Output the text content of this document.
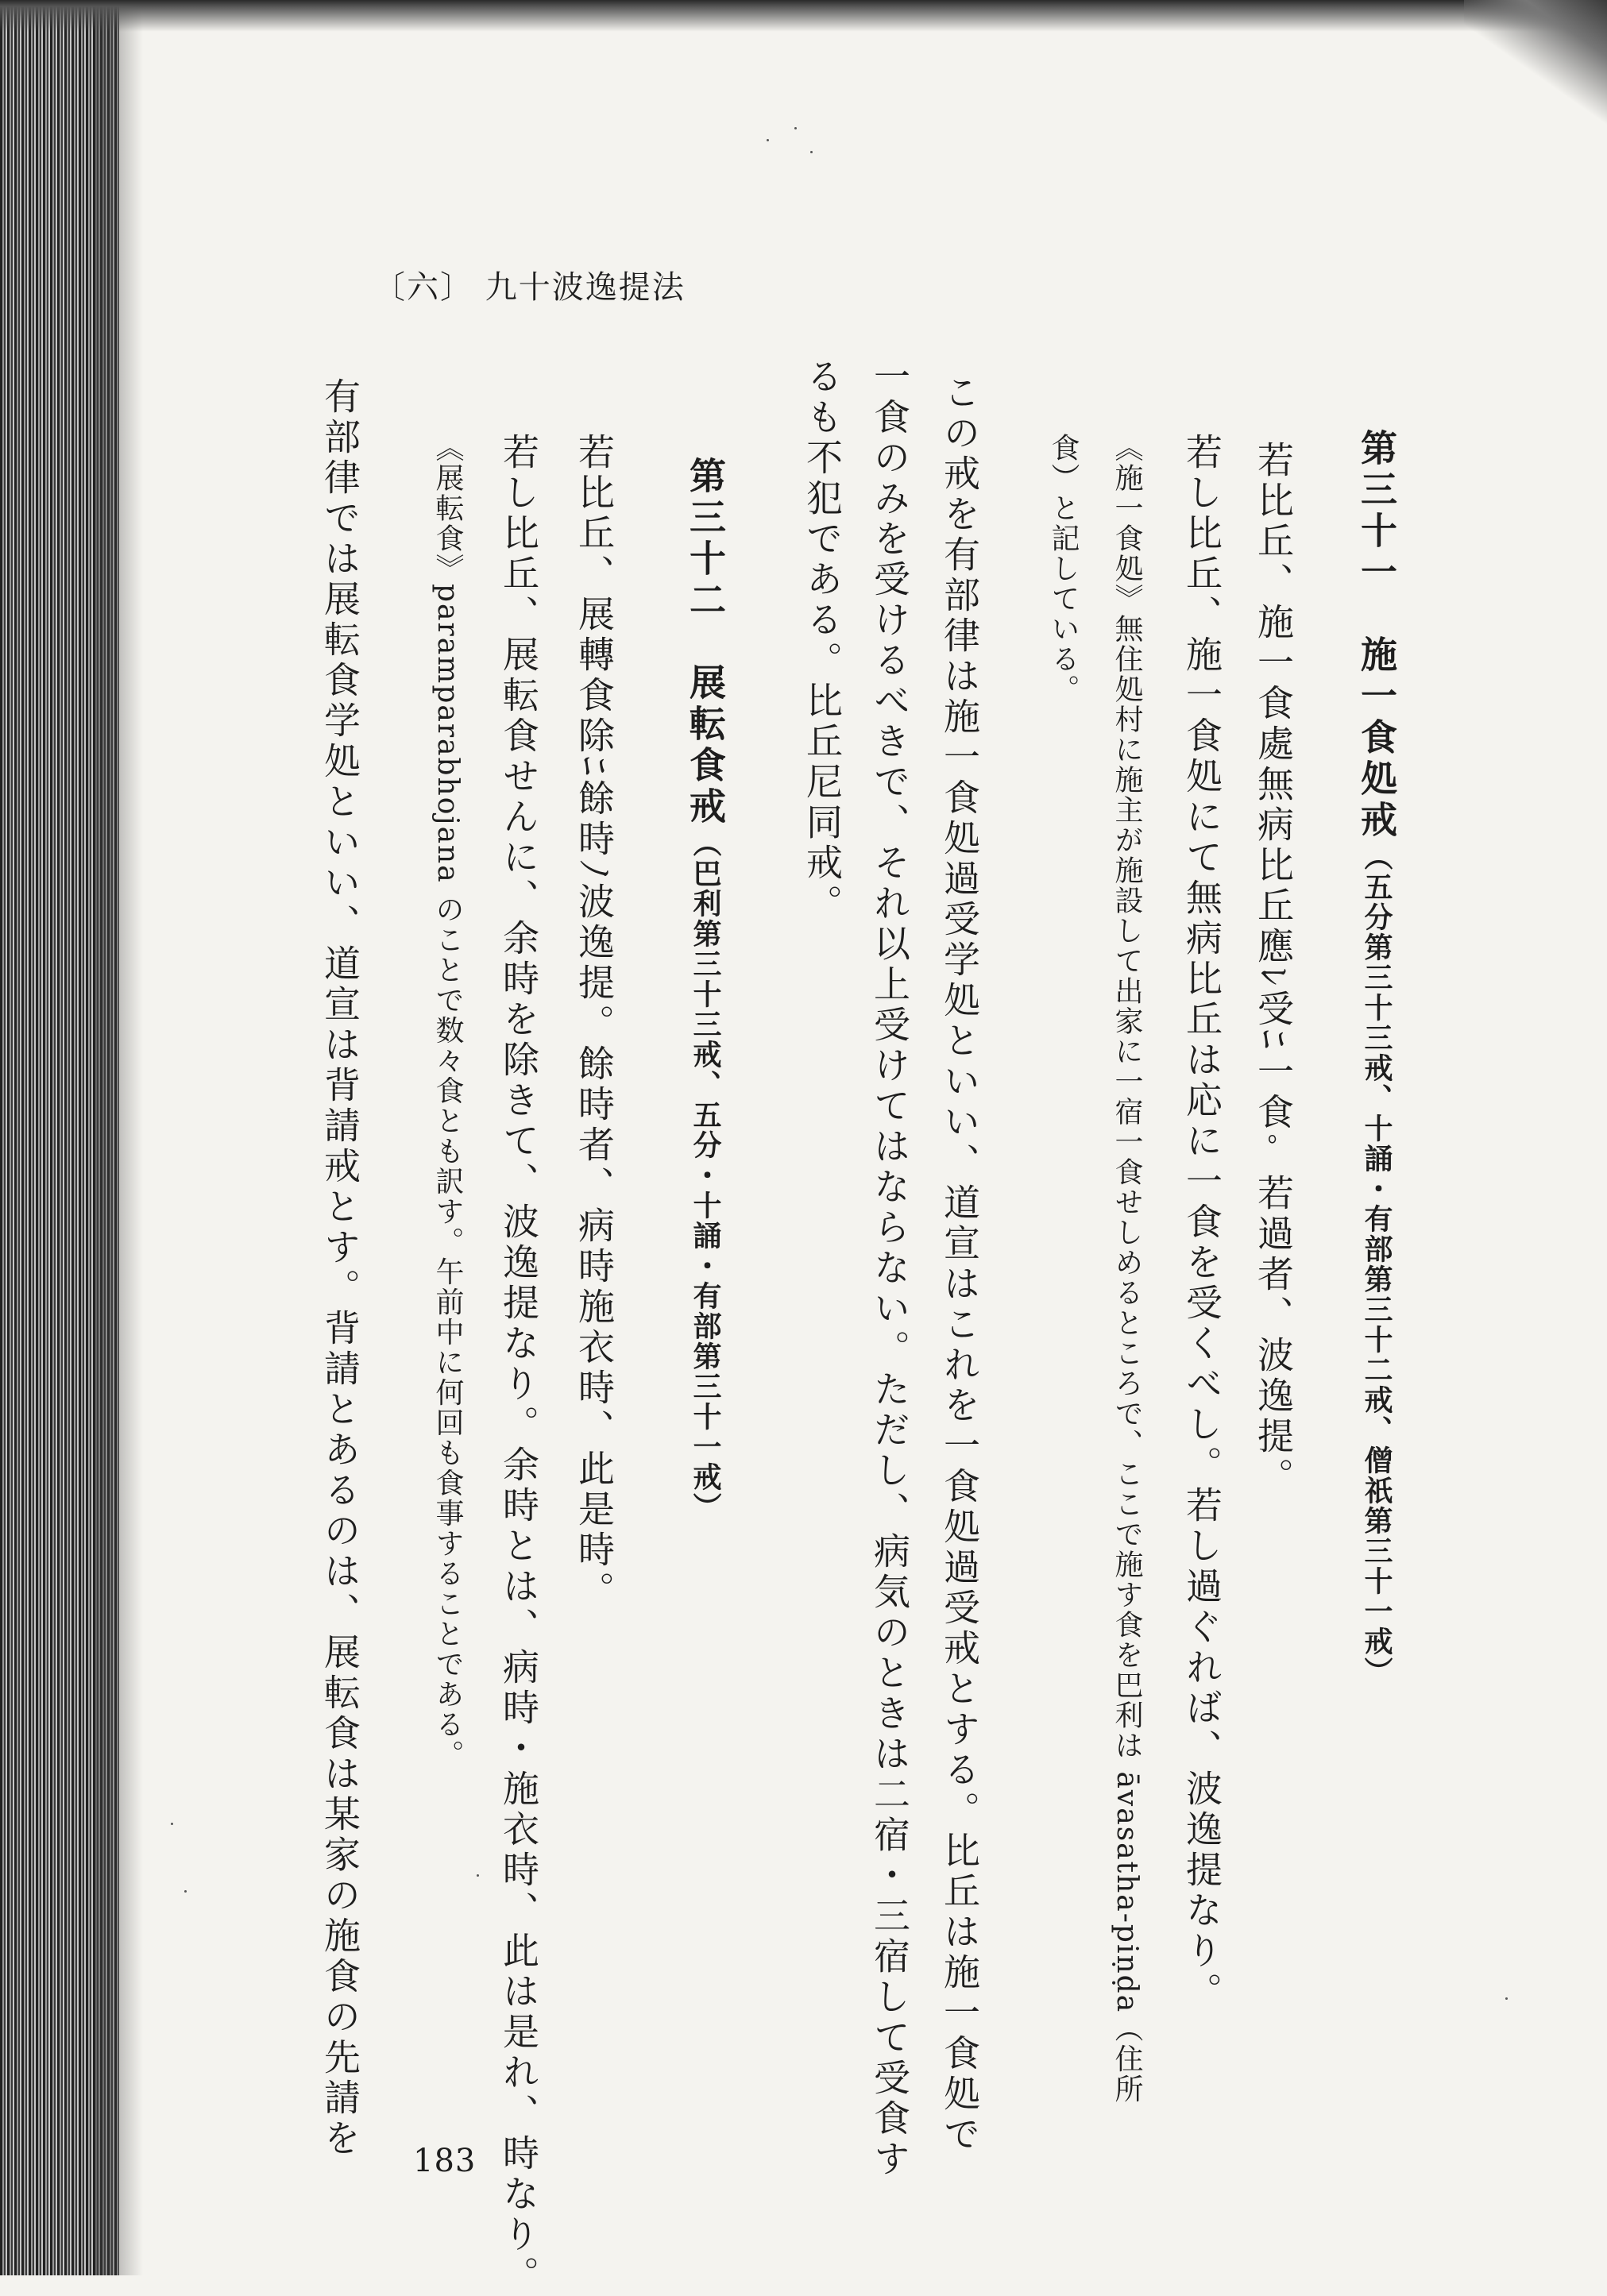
〔六〕 九十波逸提法
第三十一　施一食処戒（五分第三十三戒、十誦・有部第三十二戒、僧祇第三十一戒）
若比丘、施一食處無病比丘應ﾚ受ﾆ一食ﾟ若過者、波逸提。
若し比丘、施一食処にて無病比丘は応に一食を受くべし。若し過ぐれば、波逸提なり。
《施一食処》無住処村に施主が施設して出家に一宿一食せしめるところで、ここで施す食を巴利は āvasatha-piṇḍa（住所
食）と記している。
この戒を有部律は施一食処過受学処といい、道宣はこれを一食処過受戒とする。比丘は施一食処で
一食のみを受けるべきで、それ以上受けてはならない。ただし、病気のときは二宿・三宿して受食す
るも不犯である。比丘尼同戒。
第三十二　展転食戒（巴利第三十三戒、五分・十誦・有部第三十一戒）
若比丘、展轉食除ﾆ餘時ﾉ波逸提。餘時者、病時施衣時、此是時。
若し比丘、展転食せんに、余時を除きて、波逸提なり。余時とは、病時・施衣時、此は是れ、時なり。
《展転食》paramparabhojana のことで数々食とも訳す。午前中に何回も食事することである。
有部律では展転食学処といい、道宣は背請戒とす。背請とあるのは、展転食は某家の施食の先請を
183
